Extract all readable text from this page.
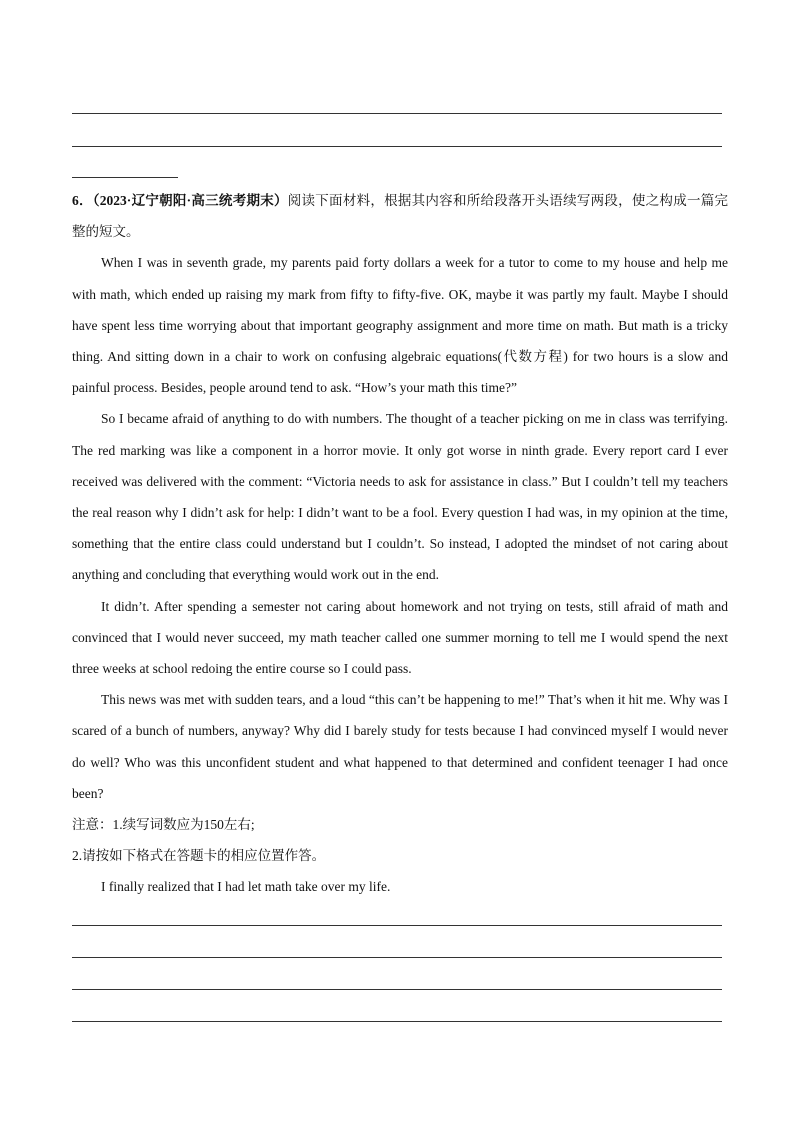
6．（2023·辽宁朝阳·高三统考期末）阅读下面材料，根据其内容和所给段落开头语续写两段，使之构成一篇完整的短文。

When I was in seventh grade, my parents paid forty dollars a week for a tutor to come to my house and help me with math, which ended up raising my mark from fifty to fifty-five. OK, maybe it was partly my fault. Maybe I should have spent less time worrying about that important geography assignment and more time on math. But math is a tricky thing. And sitting down in a chair to work on confusing algebraic equations(代数方程) for two hours is a slow and painful process. Besides, people around tend to ask. “How’s your math this time?”

So I became afraid of anything to do with numbers. The thought of a teacher picking on me in class was terrifying. The red marking was like a component in a horror movie. It only got worse in ninth grade. Every report card I ever received was delivered with the comment: “Victoria needs to ask for assistance in class.” But I couldn’t tell my teachers the real reason why I didn’t ask for help: I didn’t want to be a fool. Every question I had was, in my opinion at the time, something that the entire class could understand but I couldn’t. So instead, I adopted the mindset of not caring about anything and concluding that everything would work out in the end.

It didn’t. After spending a semester not caring about homework and not trying on tests, still afraid of math and convinced that I would never succeed, my math teacher called one summer morning to tell me I would spend the next three weeks at school redoing the entire course so I could pass.

This news was met with sudden tears, and a loud “this can’t be happening to me!” That’s when it hit me. Why was I scared of a bunch of numbers, anyway? Why did I barely study for tests because I had convinced myself I would never do well? Who was this unconfident student and what happened to that determined and confident teenager I had once been?

注意：1.续写词数应为150左右;

2.请按如下格式在答题卡的相应位置作答。

I finally realized that I had let math take over my life.
